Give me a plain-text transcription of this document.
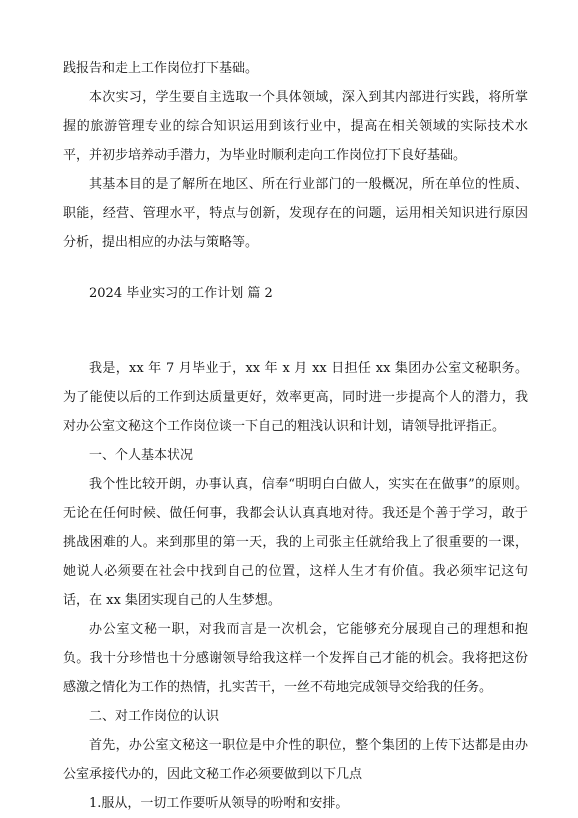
践报告和走上工作岗位打下基础。

本次实习，学生要自主选取一个具体领域，深入到其内部进行实践，将所掌握的旅游管理专业的综合知识运用到该行业中，提高在相关领域的实际技术水平，并初步培养动手潜力，为毕业时顺利走向工作岗位打下良好基础。

其基本目的是了解所在地区、所在行业部门的一般概况，所在单位的性质、职能，经营、管理水平，特点与创新，发现存在的问题，运用相关知识进行原因分析，提出相应的办法与策略等。

2024 毕业实习的工作计划 篇 2

我是，xx 年 7 月毕业于，xx 年 x 月 xx 日担任 xx 集团办公室文秘职务。为了能使以后的工作到达质量更好，效率更高，同时进一步提高个人的潜力，我对办公室文秘这个工作岗位谈一下自己的粗浅认识和计划，请领导批评指正。

一、个人基本状况

我个性比较开朗，办事认真，信奉“明明白白做人，实实在在做事”的原则。无论在任何时候、做任何事，我都会认认真真地对待。我还是个善于学习，敢于挑战困难的人。来到那里的第一天，我的上司张主任就给我上了很重要的一课，她说人必须要在社会中找到自己的位置，这样人生才有价值。我必须牢记这句话，在 xx 集团实现自己的人生梦想。

办公室文秘一职，对我而言是一次机会，它能够充分展现自己的理想和抱负。我十分珍惜也十分感谢领导给我这样一个发挥自己才能的机会。我将把这份感激之情化为工作的热情，扎实苦干，一丝不苟地完成领导交给我的任务。

二、对工作岗位的认识

首先，办公室文秘这一职位是中介性的职位，整个集团的上传下达都是由办公室承接代办的，因此文秘工作必须要做到以下几点

1.服从，一切工作要听从领导的吩咐和安排。
